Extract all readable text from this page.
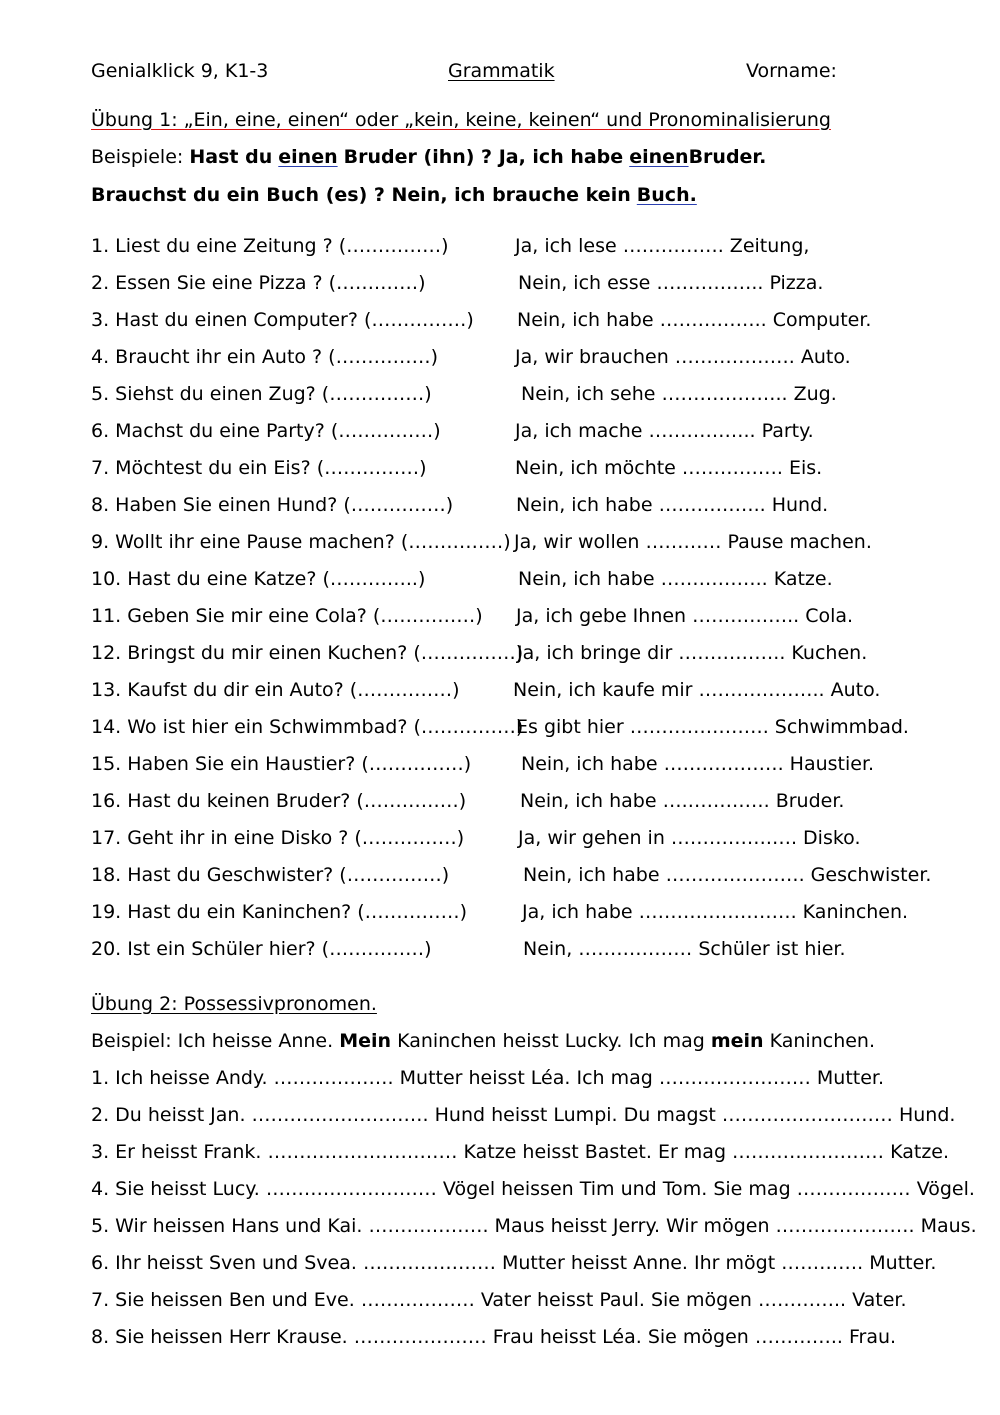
Genialklick 9, K1-3	Grammatik	Vorname:
Übung 1: „Ein, eine, einen“ oder „kein, keine, keinen“ und Pronominalisierung
Beispiele: Hast du einen Bruder (ihn) ? Ja, ich habe einenBruder.
Brauchst du ein Buch (es) ? Nein, ich brauche kein Buch.
1. Liest du eine Zeitung ? (……………)	Ja, ich lese ……………. Zeitung,
2. Essen Sie eine Pizza ? (…….……)	Nein, ich esse …………….. Pizza.
3. Hast du einen Computer? (……………) Nein, ich habe …………….. Computer.
4. Braucht ihr ein Auto ? (……………)	Ja, wir brauchen ………………. Auto.
5. Siehst du einen Zug? (……………)	Nein, ich sehe ……………….. Zug.
6. Machst du eine Party? (……………)	Ja, ich mache …………….. Party.
7. Möchtest du ein Eis? (……………)	Nein, ich möchte ……………. Eis.
8. Haben Sie einen Hund? (……………)	Nein, ich habe …………….. Hund.
9. Wollt ihr eine Pause machen? (……………) Ja, wir wollen ………… Pause machen.
10. Hast du eine Katze? (…………..)	Nein, ich habe …………….. Katze.
11. Geben Sie mir eine Cola? (……………) Ja, ich gebe Ihnen …………….. Cola.
12. Bringst du mir einen Kuchen? (……………)
Ja, ich bringe dir …………….. Kuchen.
13. Kaufst du dir ein Auto? (……………)	Nein, ich kaufe mir ……………….. Auto.
14. Wo ist hier ein Schwimmbad? (……………)
Es gibt hier …………………. Schwimmbad.
15. Haben Sie ein Haustier? (……………)	Nein, ich habe ………………. Haustier.
16. Hast du keinen Bruder? (……………)	Nein, ich habe ….…………. Bruder.
17. Geht ihr in eine Disko ? (……………)	Ja, wir gehen in …………….…. Disko.
18. Hast du Geschwister? (……………)	Nein, ich habe …………………. Geschwister.
19. Hast du ein Kaninchen? (……………)	Ja, ich habe ……………………. Kaninchen.
20. Ist ein Schüler hier? (……………)	Nein, ……………… Schüler ist hier.
Übung 2: Possessivpronomen.
Beispiel: Ich heisse Anne. Mein Kaninchen heisst Lucky. Ich mag mein Kaninchen.
1. Ich heisse Andy. ………………. Mutter heisst Léa. Ich mag …………………… Mutter.
2. Du heisst Jan. ………………………. Hund heisst Lumpi. Du magst ……………………… Hund.
3. Er heisst Frank. ………………………… Katze heisst Bastet. Er mag …………………… Katze.
4. Sie heisst Lucy. ……………………… Vögel heissen Tim und Tom. Sie mag ……………… Vögel.
5. Wir heissen Hans und Kai. ………………. Maus heisst Jerry. Wir mögen …………………. Maus.
6. Ihr heisst Sven und Svea. ………………… Mutter heisst Anne. Ihr mögt …………. Mutter.
7. Sie heissen Ben und Eve. ……………… Vater heisst Paul. Sie mögen ………….. Vater.
8. Sie heissen Herr Krause. ………………… Frau heisst Léa. Sie mögen ………….. Frau.
